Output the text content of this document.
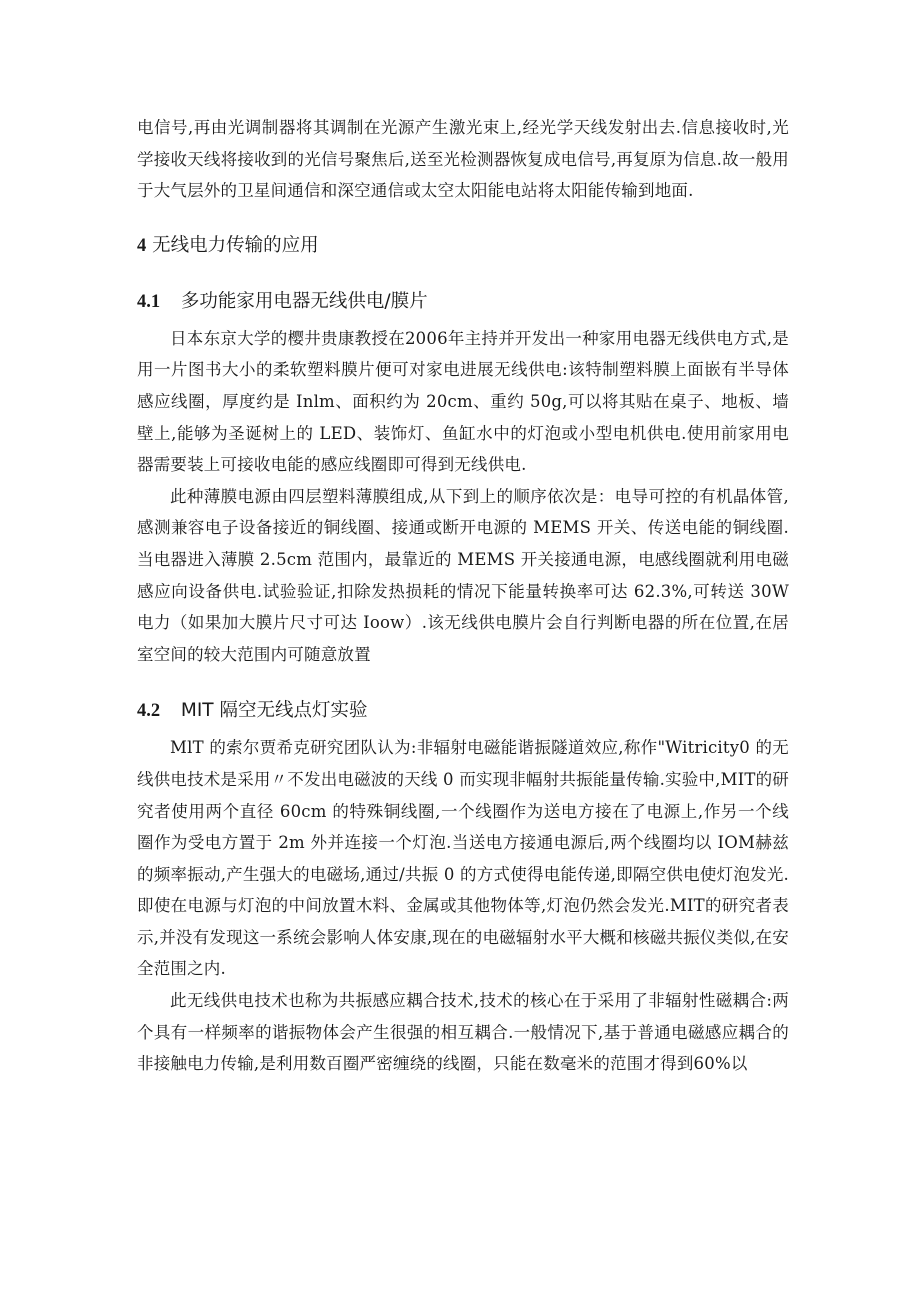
电信号,再由光调制器将其调制在光源产生激光束上,经光学天线发射出去.信息接收时,光学接收天线将接收到的光信号聚焦后,送至光检测器恢复成电信号,再复原为信息.故一般用于大气层外的卫星间通信和深空通信或太空太阳能电站将太阳能传输到地面.

4 无线电力传输的应用
4.1 多功能家用电器无线供电/膜片

日本东京大学的樱井贵康教授在2006年主持并开发出一种家用电器无线供电方式,是用一片图书大小的柔软塑料膜片便可对家电进展无线供电:该特制塑料膜上面嵌有半导体感应线圈，厚度约是 Inlm、面积约为 20cm、重约 50g,可以将其贴在桌子、地板、墙壁上,能够为圣诞树上的 LED、装饰灯、鱼缸水中的灯泡或小型电机供电.使用前家用电器需要装上可接收电能的感应线圈即可得到无线供电.

此种薄膜电源由四层塑料薄膜组成,从下到上的顺序依次是：电导可控的有机晶体管,感测兼容电子设备接近的铜线圈、接通或断开电源的 MEMS 开关、传送电能的铜线圈.当电器进入薄膜 2.5cm 范围内，最靠近的 MEMS 开关接通电源，电感线圈就利用电磁感应向设备供电.试验验证,扣除发热损耗的情况下能量转换率可达 62.3%,可转送 30W 电力（如果加大膜片尺寸可达 Ioow）.该无线供电膜片会自行判断电器的所在位置,在居室空间的较大范围内可随意放置

4.2 MIT 隔空无线点灯实验

MlT 的索尔贾希克研究团队认为:非辐射电磁能谐振隧道效应,称作"Witricity0 的无线供电技术是采用〃不发出电磁波的天线 0 而实现非幅射共振能量传输.实验中,MIT的研究者使用两个直径 60cm 的特殊铜线圈,一个线圈作为送电方接在了电源上,作另一个线圈作为受电方置于 2m 外并连接一个灯泡.当送电方接通电源后,两个线圈均以 IOM赫兹的频率振动,产生强大的电磁场,通过/共振 0 的方式使得电能传递,即隔空供电使灯泡发光.即使在电源与灯泡的中间放置木料、金属或其他物体等,灯泡仍然会发光.MIT的研究者表示,并没有发现这一系统会影响人体安康,现在的电磁辐射水平大概和核磁共振仪类似,在安全范围之内.

此无线供电技术也称为共振感应耦合技术,技术的核心在于采用了非辐射性磁耦合:两个具有一样频率的谐振物体会产生很强的相互耦合.一般情况下,基于普通电磁感应耦合的非接触电力传输,是利用数百圈严密缠绕的线圈，只能在数毫米的范围才得到60%以
